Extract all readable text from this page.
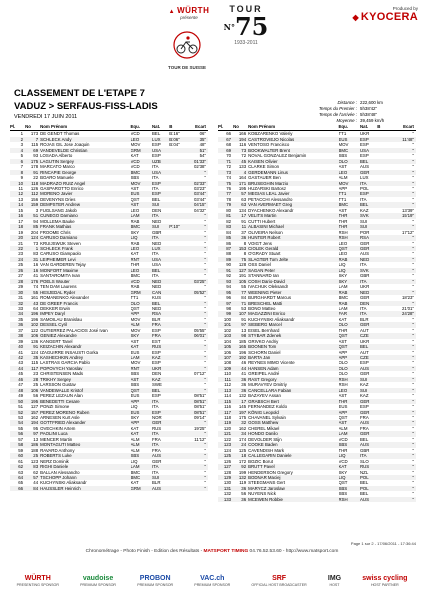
▲ WÜRTH
présente
TOUR DE SUISSE
TOUR
$^{N^\circ}$75
1933-2011
Produced by
◆ KYOCERA
CLASSEMENT DE L'ETAPE 7
VADUZ > SERFAUS-FISS-LADIS
VENDREDI 17 JUIN 2011
Distance : 222,600 km
Temps du Premier : 5h38'42"
Temps de l'arrivée : 5h38'48"
Moyenne : 39,459 km/h
Pl.	No	Nom Prénom	Equ.	Nat.	B	Ecart
1	173	DE GENDT Thomas	VCD	BEL	B:16"	06"
2	7	SCHLECK Andy	LEO	LUX	B:06"	35"
3	115	ROJAS GIL Jose Joaquin	MOV	ESP	B:04"	48"
4	69	VANDEVELDE Christian	GRM	USA		51"
5	93	LOSADA Alberto	KAT	ESP		54"
6	175	LAGUTIN Sergey	VCD	UZB		01'33"
7	178	MARCATO Marco	VCD	ITA		02'38"
8	91	RINCAPIE George	BMC	USA		"
9	22	BOARO Manuele	SBS	ITA		"
10	118	MADRAZO RUIZ Angel	MOV	ESP		02'33"
11	126	GASPAROTTO Enrico	AST	ITA		03'23"
12	112	MORENO Javier	EUS	ESP		03'44"
13	156	DEVENYNS Dries	QST	BEL		03'44"
14	159	DEMPSTER Andrew	AST	SUI		04'15"
15	3	FUGLSANG Jakob	LEO	DEN		04'32"
16	51	CUNEGO Damiano	LAM	ITA		"
17	94	MOLLEMA Bauke	RAB	NED		"
18	85	FRANK Mathias	BMC	SUI	P:10"	"
19	204	FROOME Chris	SKY	GBR		"
20	124	CARUSO Damiano	LIQ	ITA		"
21	73	KRUIJSWIJK Steven	RAB	NED		"
22	1	SCHLECK Frank	LEO	LUX		"
23	83	CARUSO Giampaolo	KAT	ITA		"
24	31	LEIPHEIMER Levi	RNT	USA		"
25	16	VAN GARDEREN Tejay	THR	USA		"
26	16	MONFORT Maxime	LEO	BEL		"
27	41	SANTAROMITA Ivan	BMC	ITA		"
28	176	POELS Wouter	VCD	NED		03'25"
29	74	TEN DAM Laurens	RAB	NED		"
30	55	HESJEDAL Ryder	GRM	CAN		05'52"
31	161	ROMANENKO Alexander	TT1	KUS		"
32	43	DE GREEF Francis	OLO	BEL		"
33	64	DEKKER Erwin	QST	NED		"
34	196	IMPEY Daryl	APP	RSA		"
35	196	SAMOILAU Branislau	MOV	BLR		"
36	102	DESSEL Cyril	ALM	FRA		"
37	122	GUTIERREZ PALACIOS José Ivan	MOV	ESP		05'55"
38	106	GENIEZ Alexandre	SKY	FRA		06'01"
39	136	KANGERT Tanel	AST	EST		"
40	91	KEIZACHIN Alexandr	KAT	RUS		"
41	124	IZAGUIRRE INSAUSTI Gorka	EUS	ESP		"
42	35	KASHECHKIN Andrey	LAM	KAZ		"
43	115	LASTRAS GARCIA Pablo	MOV	ESP		"
44	117	POPOVYCH Yaroslav	RNT	UKR		"
45	23	CHRISTENSEN Mads	SBS	DEN		07'12"
46	28	TRIKHY Sergey	AST	KAZ		"
47	25	LARSSON Gustav	SBS	SWE		"
48	106	VANDEWALLE Kristof	QST	BEL		"
49	56	PEREZ LEZAUN Alan	EUS	ESP		08'51"
50	195	BENEDETTI Cesare	APP	ITA		08'51"
51	127	PONZI Simone	LIQ	ITA		08'51"
52	157	PEREZ MORENO Ruben	EUS	ESP		08'51"
53	162	ARNESEN Kurt Asle	SKY	NOR		09'14"
54	194	GOTTFRIED Alexander	APP	GER		"
55	95	OVECHKIN Artem	KAT	RUS		19'25"
56	97	PAOLINI Luca	KAT	ITA		"
57	13	MENCER Martin	ALM	FRA		11'12"
58	186	MONTAGUTI Matteo	ALM	ITA		"
59	188	RAVARD Anthony	ALM	FRA		"
60	25	ROBERTS Luke	SBS	AUS		"
61	123	NERZ Dominik	LIQ	GER		"
62	83	RIGHI Daniele	LAM	ITA		"
63	62	BALLAN Alessandro	BMC	ITA		"
64	57	TSCHOPP Johann	BMC	SUI		"
65	44	KUCHYNSKI Aliaksandr	KAT	BLR		"
66	84	HAUSSLER Heinrich	GRM	AUS		"
Pl.	No	Nom Prénom	Equ.	Nat.	B	Ecart
66	166	KOBZARENKO Valeriy	TT1	UKR		"
67	194	CASTROVIEJO Nicolas	EUS	ESP		11'48"
68	116	VENTOSO Francisco	MOV	ESP		"
69	73	BOOKWALTER Brent	BMC	USA		"
70	72	NOVAL GONZALEZ Benjamin	SBS	ESP		"
71	45	KAISEN Olivier	OLO	BEL		"
72	133	CLARKE Simon	AST	AUS		"
73	4	GERDEMANN Linus	LEO	GER		"
74	164	GASTAUER Ben	ALM	LUX		"
75	171	BRUSEGHIN Marzio	MOV	ITA		"
76	195	HUZARSKI Bartosz	APP	POL		"
77	57	MEGIAS LEAL Javier	TT1	ESP		"
78	63	PETACCHI Alessandro	TT1	ITA		"
79	63	VAN AVERMAET Greg	BMC	BEL		"
80	134	DYACHENKO Alexandr	AST	KAZ		13'39"
81	17	VELITS Martin	THR	SVK		15'19"
82	91	CUTTI Hubert	THR	SUI		"
83	11	ALBASINI Michael	THR	SUI		"
84	37	OLIVEIRA Nelson	RSH	POR		17'12"
85	36	HUNTER Robert	RSH	RSA		"
86	8	VOIGT Jens	LEO	GER		"
87	153	CIOLEK Gerald	QST	GER		"
88	8	O'GRADY Stuart	LEO	AUS		"
89	75	SLAGTER Tom Jelte	RAB	NED		"
90	128	OSS Daniel	LIQ	ITA		"
91	127	SAGAN Peter	LIQ	SVK		"
92	191	STANNARD Ian	SKY	GBR		"
93	105	COSH Dario-David	SKY	ITA		"
94	55	IVACHUK Oleksandr	LAM	UKR		"
95	77	WEENING Pieter	RAB	NED		"
96	84	BURGHARDT Marcus	BMC	GER		18'23"
97	71	BRESCHEL Matti	RAB	DEN		"
98	53	BONO Matteo	LAM	ITA		21'01"
99	107	MAGAZZINI Enrico	FAR	ITA		24'28"
100	91	KUCHYNSKI Aliaksandr	KAT	BLR		"
101	97	SIEBERG Marcel	OLO	GER		"
102	13	EISEL Bernhard	THR	AUT		"
103	98	STYBAR Zdenek	QST	CZE		"
104	185	GRIVKO Andriy	AST	UKR		"
105	165	BOONEN Tom	QST	BEL		"
106	196	SCHORN Daniel	APP	AUT		"
107	192	BARTA Jan	APP	CZE		"
108	46	REYNES MIMO Vicente	OLO	ESP		"
109	44	HANSEN Adam	OLO	AUS		"
110	41	GREIPEL André	OLO	GER		"
111	36	RAST Gregory	RSH	SUI		"
112	36	MURAVYEV Dmitriy	RSH	KAZ		"
113	36	CANCELLARA Fabian	LEO	SUI		"
114	132	BAZAYEV Assan	AST	KAZ		"
115	17	GRABSCH Bert	THR	GER		"
116	145	FERNANDEZ Koldo	EUS	ESP		"
117	197	KÖNIG Leopold	APP	GER		"
118	175	CHAVANEL Sylvain	QST	FRA		"
119	32	GOSS Matthew	AST	AUS		"
120	162	CHEREL Mikael	ALM	FRA		"
121	34	HONDO Danilo	LAM	GER		"
122	174	DEVOLDER Stijn	VCD	BEL		"
123	24	COOKE Baden	SBS	AUS		"
124	125	CAVENDISH Mark	THR	GBR		"
125	18	CALLEGARIN Daniele	LIQ	ITA		"
126	172	BOZIC Borut	VCD	SLO		"
127	92	BRUTT Pavel	KAT	RUS		"
128	199	HENDERSON Gregory	SKY	NZL		"
129	132	BODNAR Maciej	LIQ	POL		"
130	119	STEEGMANS Gert	QST	BEL		"
131	36	MARYCZ Jaroslaw	SBS	POL		"
132	56	NUYENS Nick	SBS	BEL		"
133	36	MCEWEN Robbie	RSH	AUS		"
Page 1 sur 2 - 17/06/2011 - 17:36:44
Chronométrage - Photo Finish - Edition des Résultats - MATSPORT TIMING 04.76.52.53.60 - http://www.matsport.com
WÜRTH
PRESENTING SPONSOR
vaudoise
PREMIUM SPONSOR
PROBON
PREMIUM SPONSOR
VAC.ch
PREMIUM SPONSOR
SRF
OFFICIAL HOST BROADCASTER
IMG
HOST
swiss cycling
HOST PARTNER
